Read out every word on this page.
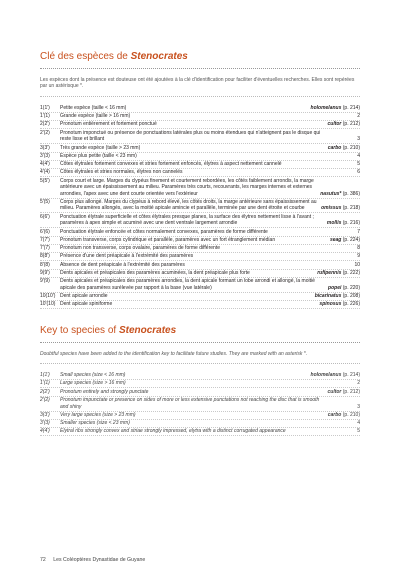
Clé des espèces de Stenocrates

Les espèces dont la présence est douteuse ont été ajoutées à la clé d'identification pour faciliter d'éventuelles recherches. Elles sont repérées par un astérisque *.

1(1')	Petite espèce (taille < 16 mm)	holomelanus (p. 214)
1'(1)	Grande espèce (taille > 16 mm)	2
2(2')	Pronotum entièrement et fortement ponctué	cultor (p. 212)
2'(2)	Pronotum imponctué ou présence de ponctuations latérales plus ou moins étendues qui n'atteignent pas le disque qui reste lisse et brillant	3
3(3')	Très grande espèce (taille > 23 mm)	carbo (p. 210)
3'(3)	Espèce plus petite (taille < 23 mm)	4
4(4')	Côtes élytrales fortement convexes et stries fortement enfoncés, élytres à aspect nettement cannelé	5
4'(4)	Côtes élytrales et stries normales, élytres non cannelés	6
5(5')	Corps court et large. Marges du clypéus finement et courtement rebordées, les côtés faiblement arrondis, la marge antérieure avec un épaississement au milieu. Paramères très courts, recouvrants, les marges internes et externes arrondies, l'apex avec une dent courte orientée vers l'extérieur	nasutus* (p. 386)
5'(5)	Corps plus allongé. Marges du clypéus à rebord élevé, les côtés droits, la marge antérieure sans épaississement au milieu. Paramères allongés, avec la moitié apicale amincie et parallèle, terminée par une dent étroite et courbe	omissus (p. 218)
6(6')	Ponctuation élytrale superficielle et côtes élytrales presque planes, la surface des élytres nettement lisse à l'avant ; paramères à apex simple et acuminé avec une dent ventrale largement arrondie	mollis (p. 216)
6'(6)	Ponctuation élytrale enfoncée et côtes normalement convexes, paramères de forme différente	7
7(7')	Pronotum transverse, corps cylindrique et parallèle, paramères avec un fort étranglement médian	seag (p. 224)
7'(7)	Pronotum non transverse, corps ovalaire, paramères de forme différente	8
8(8')	Présence d'une dent préapicale à l'extrémité des paramères	9
8'(8)	Absence de dent préapicale à l'extrémité des paramères	10
9(9')	Dents apicales et préapicales des paramères acuminées, la dent préapicale plus forte	rufipennis (p. 222)
9'(9)	Dents apicales et préapicales des paramères arrondies, la dent apicale formant un lobe arrondi et allongé, la moitié apicale des paramères surélevée par rapport à la base (vue latérale)	popei (p. 220)
10(10') Dent apicale arrondie	bicarinatus (p. 208)
10'(10) Dent apicale spiniforme	spinosus (p. 226)
Key to species of Stenocrates

Doubtful species have been added to the identification key to facilitate future studies. They are marked with an asterisk *.

1(1')	Small species (size < 16 mm)	holomelanus (p. 214)
1'(1)	Large species (size > 16 mm)	2
2(2')	Pronotum entirely and strongly punctate	cultor (p. 212)
2'(2)	Pronotum impunctate or presence on sides of more or less extensive punctations not reaching the disc that is smooth and shiny	3
3(3')	Very large species (size > 23 mm)	carbo (p. 210)
3'(3)	Smaller species (size < 23 mm)	4
4(4')	Elytral ribs strongly convex and striae strongly impressed, elytra with a distinct corrugated appearance	5
72 Les Coléoptères Dynastidae de Guyane
